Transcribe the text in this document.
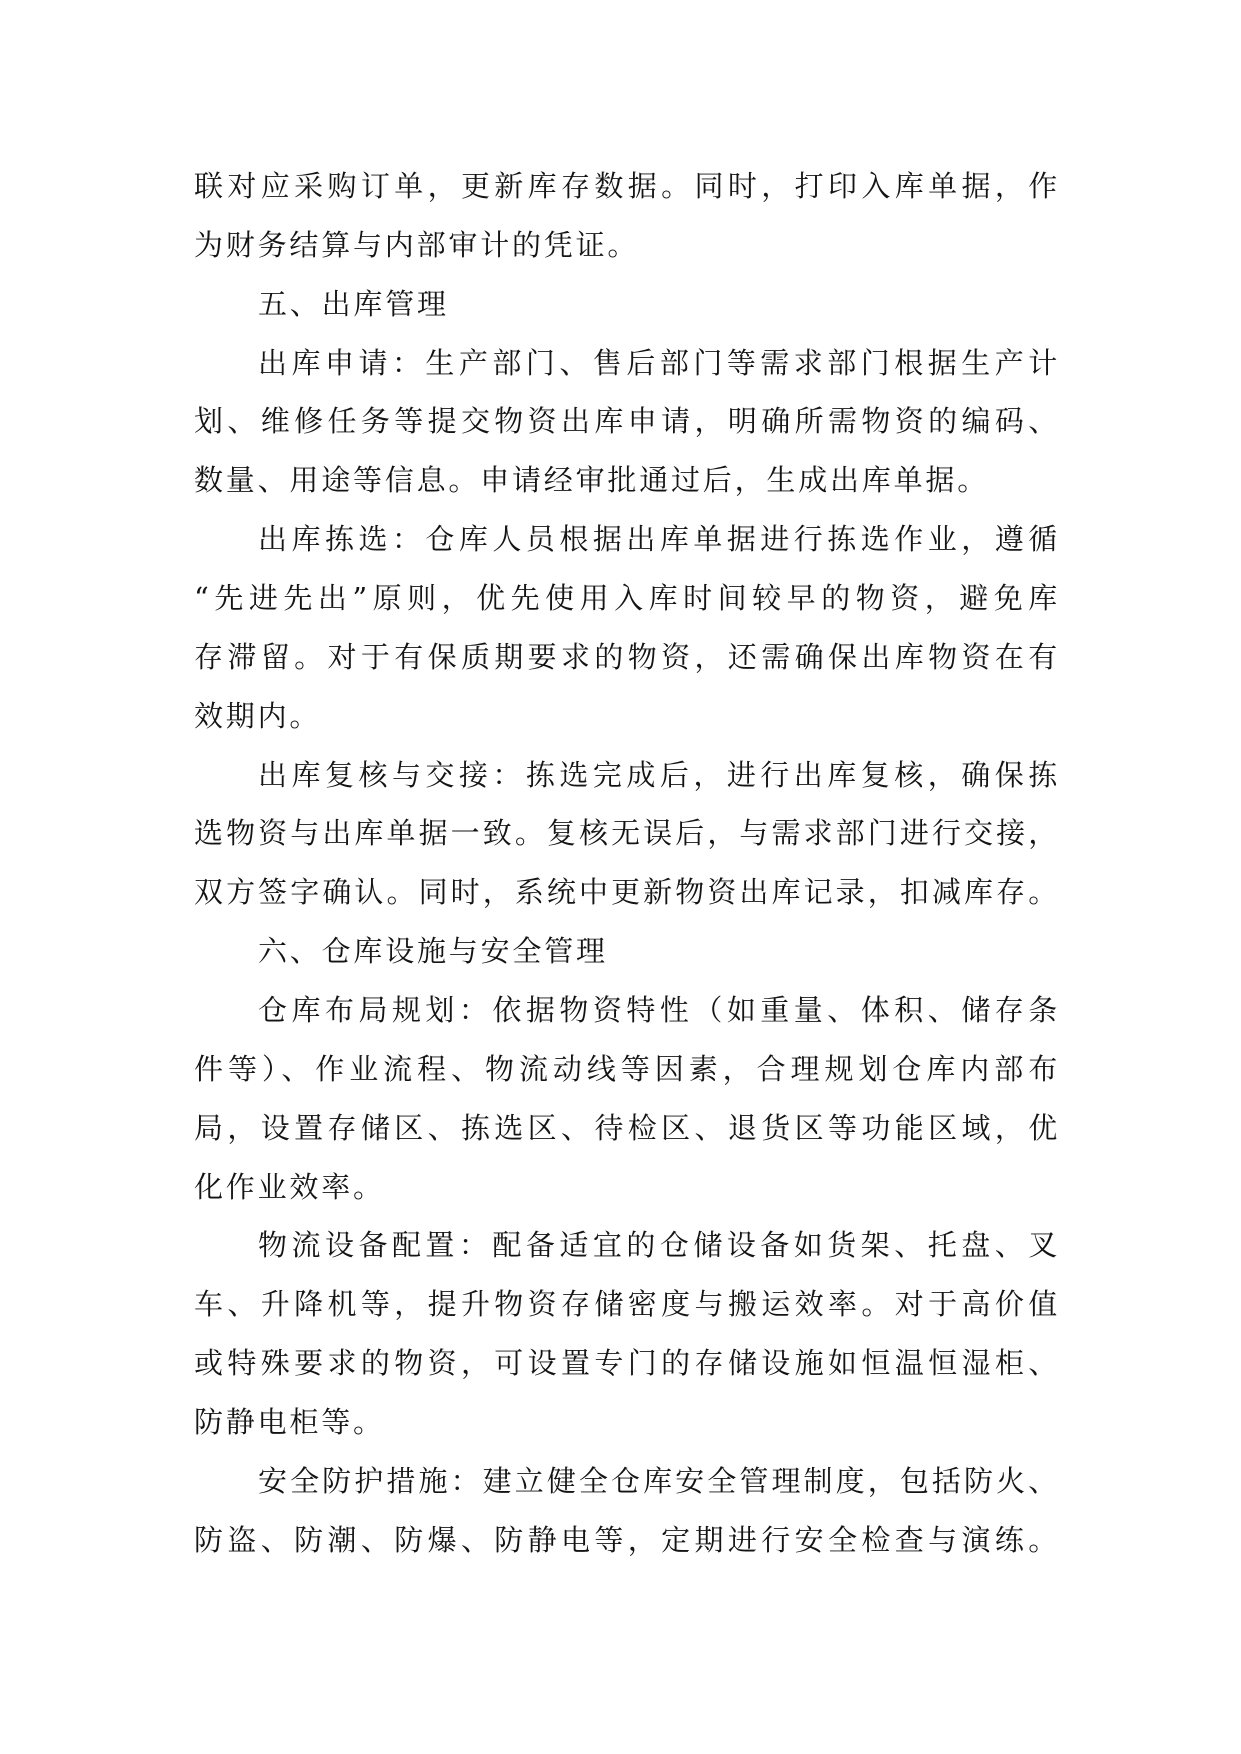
联对应采购订单，更新库存数据。同时，打印入库单据，作
为财务结算与内部审计的凭证。
五、出库管理
出库申请：生产部门、售后部门等需求部门根据生产计
划、维修任务等提交物资出库申请，明确所需物资的编码、
数量、用途等信息。申请经审批通过后，生成出库单据。
出库拣选：仓库人员根据出库单据进行拣选作业，遵循
“先进先出”原则，优先使用入库时间较早的物资，避免库
存滞留。对于有保质期要求的物资，还需确保出库物资在有
效期内。
出库复核与交接：拣选完成后，进行出库复核，确保拣
选物资与出库单据一致。复核无误后，与需求部门进行交接，
双方签字确认。同时，系统中更新物资出库记录，扣减库存。
六、仓库设施与安全管理
仓库布局规划：依据物资特性（如重量、体积、储存条
件等）、作业流程、物流动线等因素，合理规划仓库内部布
局，设置存储区、拣选区、待检区、退货区等功能区域，优
化作业效率。
物流设备配置：配备适宜的仓储设备如货架、托盘、叉
车、升降机等，提升物资存储密度与搬运效率。对于高价值
或特殊要求的物资，可设置专门的存储设施如恒温恒湿柜、
防静电柜等。
安全防护措施：建立健全仓库安全管理制度，包括防火、
防盗、防潮、防爆、防静电等，定期进行安全检查与演练。
